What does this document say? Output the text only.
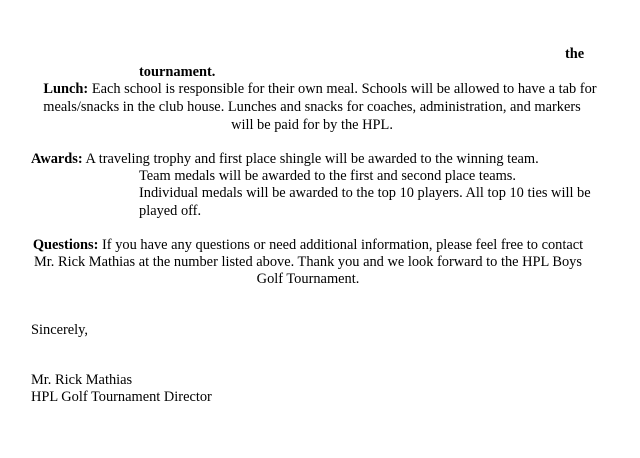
the
tournament.
Lunch: Each school is responsible for their own meal. Schools will be allowed to have a tab for
meals/snacks in the club house. Lunches and snacks for coaches, administration, and markers
will be paid for by the HPL.
Awards: A traveling trophy and first place shingle will be awarded to the winning team.
Team medals will be awarded to the first and second place teams.
Individual medals will be awarded to the top 10 players. All top 10 ties will be
played off.
Questions: If you have any questions or need additional information, please feel free to contact
Mr. Rick Mathias at the number listed above. Thank you and we look forward to the HPL Boys
Golf Tournament.
Sincerely,
Mr. Rick Mathias
HPL Golf Tournament Director
